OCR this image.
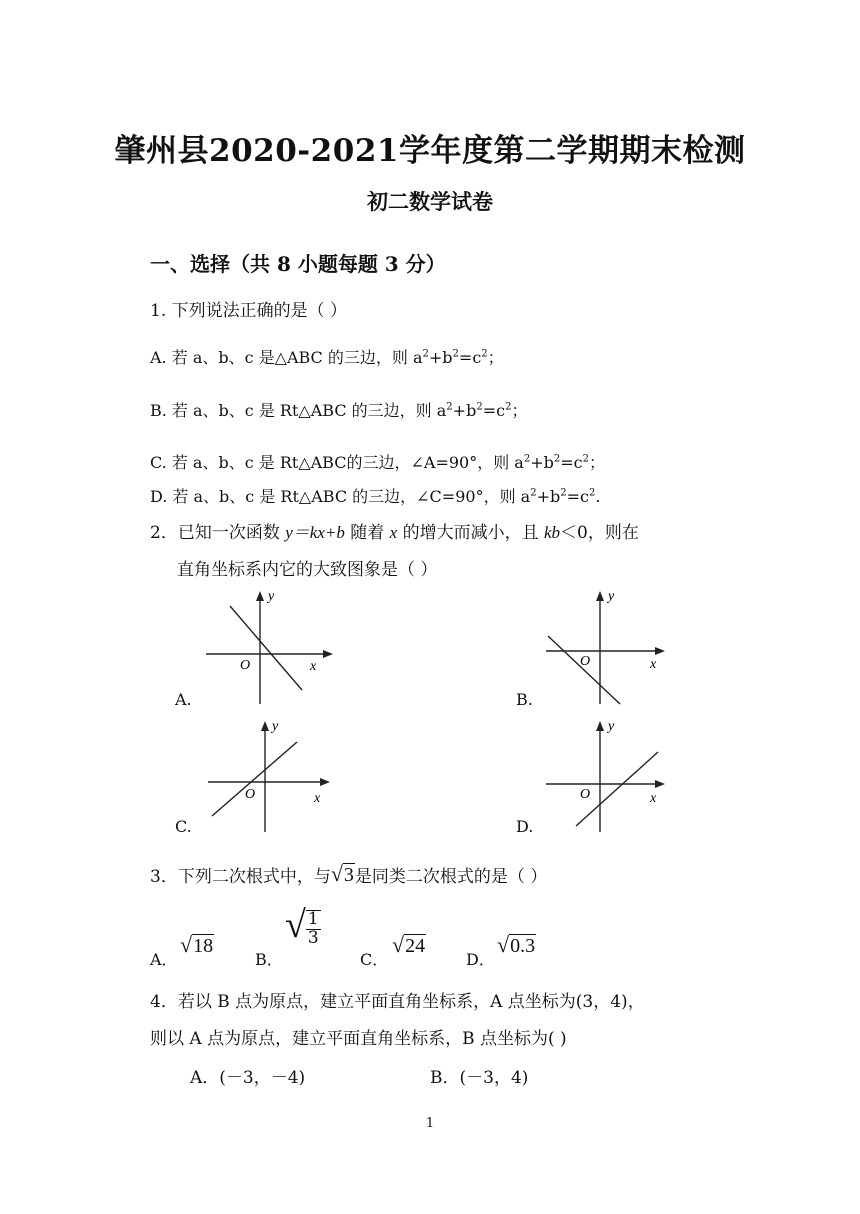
肇州县2020-2021学年度第二学期期末检测
初二数学试卷
一、选择（共 8 小题每题 3 分）
1. 下列说法正确的是（ ）
A. 若 a、b、c 是△ABC 的三边，则 $a^2+b^2=c^2$；
B. 若 a、b、c 是 Rt△ABC 的三边，则 $a^2+b^2=c^2$；
C. 若 a、b、c 是 Rt△ABC的三边，∠A=90°，则 $a^2+b^2=c^2$；
D. 若 a、b、c 是 Rt△ABC 的三边，∠C=90°，则 $a^2+b^2=c^2$.
2．已知一次函数 y＝kx+b 随着 x 的增大而减小，且 kb＜0，则在
直角坐标系内它的大致图象是（ ）
y
x
O
A.
y
x
O
B.
y
x
O
C.
y
x
O
D.
3．下列二次根式中，与 √ 3 是同类二次根式的是（ ）
A．
√ 18
B．
√ $\frac{1}{3}$
C．
√ 24
D．
√ 0.3
4．若以 B 点为原点，建立平面直角坐标系，A 点坐标为(3，4)，
则以 A 点为原点，建立平面直角坐标系，B 点坐标为( )
A．(－3，－4)	B．(－3，4)
1
